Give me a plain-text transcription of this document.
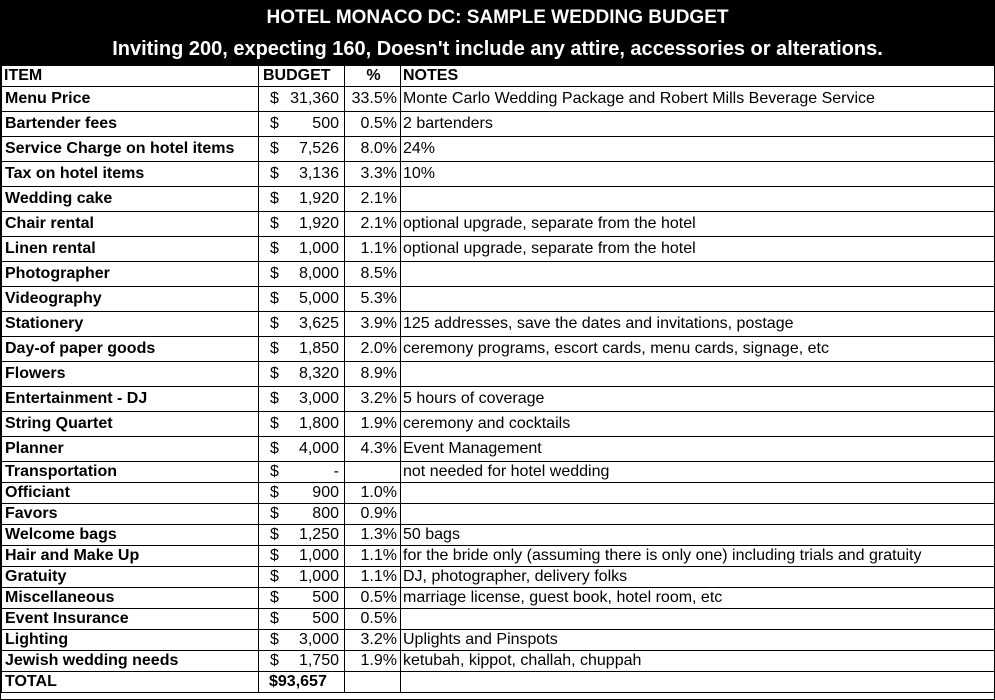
HOTEL MONACO DC: SAMPLE WEDDING BUDGET
Inviting 200, expecting 160, Doesn't include any attire, accessories or alterations.
ITEM	BUDGET	%	NOTES
Menu Price	$ 31,360	33.5%	Monte Carlo Wedding Package and Robert Mills Beverage Service
Bartender fees	$ 500	0.5%	2 bartenders
Service Charge on hotel items	$ 7,526	8.0%	24%
Tax on hotel items	$ 3,136	3.3%	10%
Wedding cake	$ 1,920	2.1%	
Chair rental	$ 1,920	2.1%	optional upgrade, separate from the hotel
Linen rental	$ 1,000	1.1%	optional upgrade, separate from the hotel
Photographer	$ 8,000	8.5%	
Videography	$ 5,000	5.3%	
Stationery	$ 3,625	3.9%	125 addresses, save the dates and invitations, postage
Day-of paper goods	$ 1,850	2.0%	ceremony programs, escort cards, menu cards, signage, etc
Flowers	$ 8,320	8.9%	
Entertainment - DJ	$ 3,000	3.2%	5 hours of coverage
String Quartet	$ 1,800	1.9%	ceremony and cocktails
Planner	$ 4,000	4.3%	Event Management
Transportation	$ -		not needed for hotel wedding
Officiant	$ 900	1.0%	
Favors	$ 800	0.9%	
Welcome bags	$ 1,250	1.3%	50 bags
Hair and Make Up	$ 1,000	1.1%	for the bride only (assuming there is only one) including trials and gratuity
Gratuity	$ 1,000	1.1%	DJ, photographer, delivery folks
Miscellaneous	$ 500	0.5%	marriage license, guest book, hotel room, etc
Event Insurance	$ 500	0.5%	
Lighting	$ 3,000	3.2%	Uplights and Pinspots
Jewish wedding needs	$ 1,750	1.9%	ketubah, kippot, challah, chuppah
TOTAL	$93,657		
